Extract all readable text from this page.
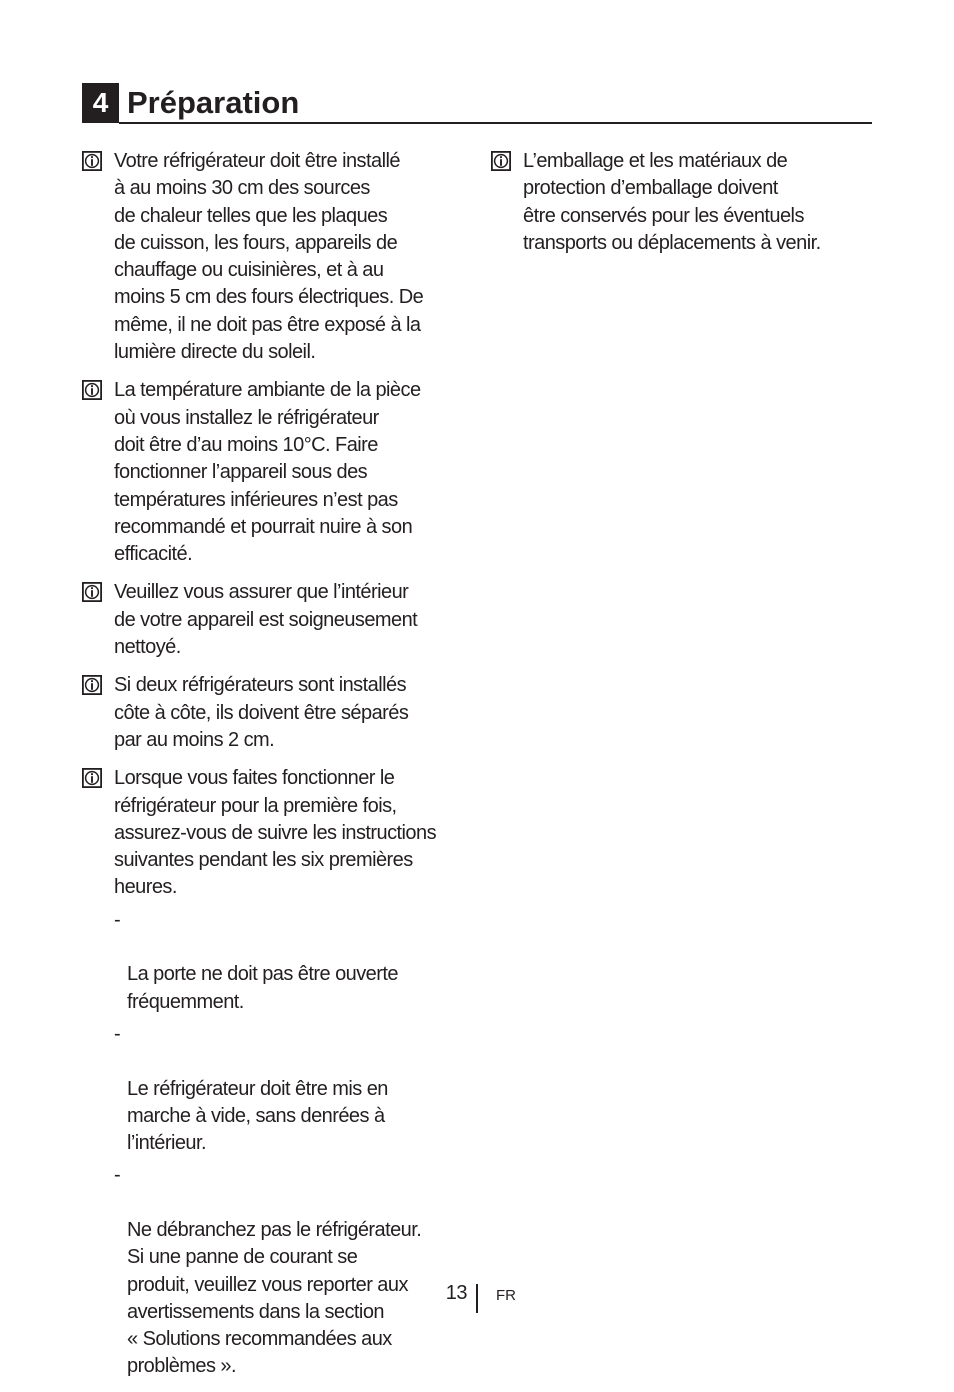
4 Préparation
Votre réfrigérateur doit être installé
à au moins 30 cm des sources
de chaleur telles que les plaques
de cuisson, les fours, appareils de
chauffage ou cuisinières, et à au
moins 5 cm des fours électriques. De
même, il ne doit pas être exposé à la
lumière directe du soleil.
La température ambiante de la pièce
où vous installez le réfrigérateur
doit être d’au moins 10°C. Faire
fonctionner l’appareil sous des
températures inférieures n’est pas
recommandé et pourrait nuire à son
efficacité.
Veuillez vous assurer que l’intérieur
de votre appareil est soigneusement
nettoyé.
Si deux réfrigérateurs sont installés
côte à côte, ils doivent être séparés
par au moins 2 cm.
Lorsque vous faites fonctionner le
réfrigérateur pour la première fois,
assurez-vous de suivre les instructions
suivantes pendant les six premières
heures.

-

La porte ne doit pas être ouverte
fréquemment.

-

Le réfrigérateur doit être mis en
marche à vide, sans denrées à
l’intérieur.

-

Ne débranchez pas le réfrigérateur.
Si une panne de courant se
produit, veuillez vous reporter aux
avertissements dans la section
« Solutions recommandées aux
problèmes ».

L’emballage et les matériaux de
protection d’emballage doivent
être conservés pour les éventuels
transports ou déplacements à venir.
13 FR
